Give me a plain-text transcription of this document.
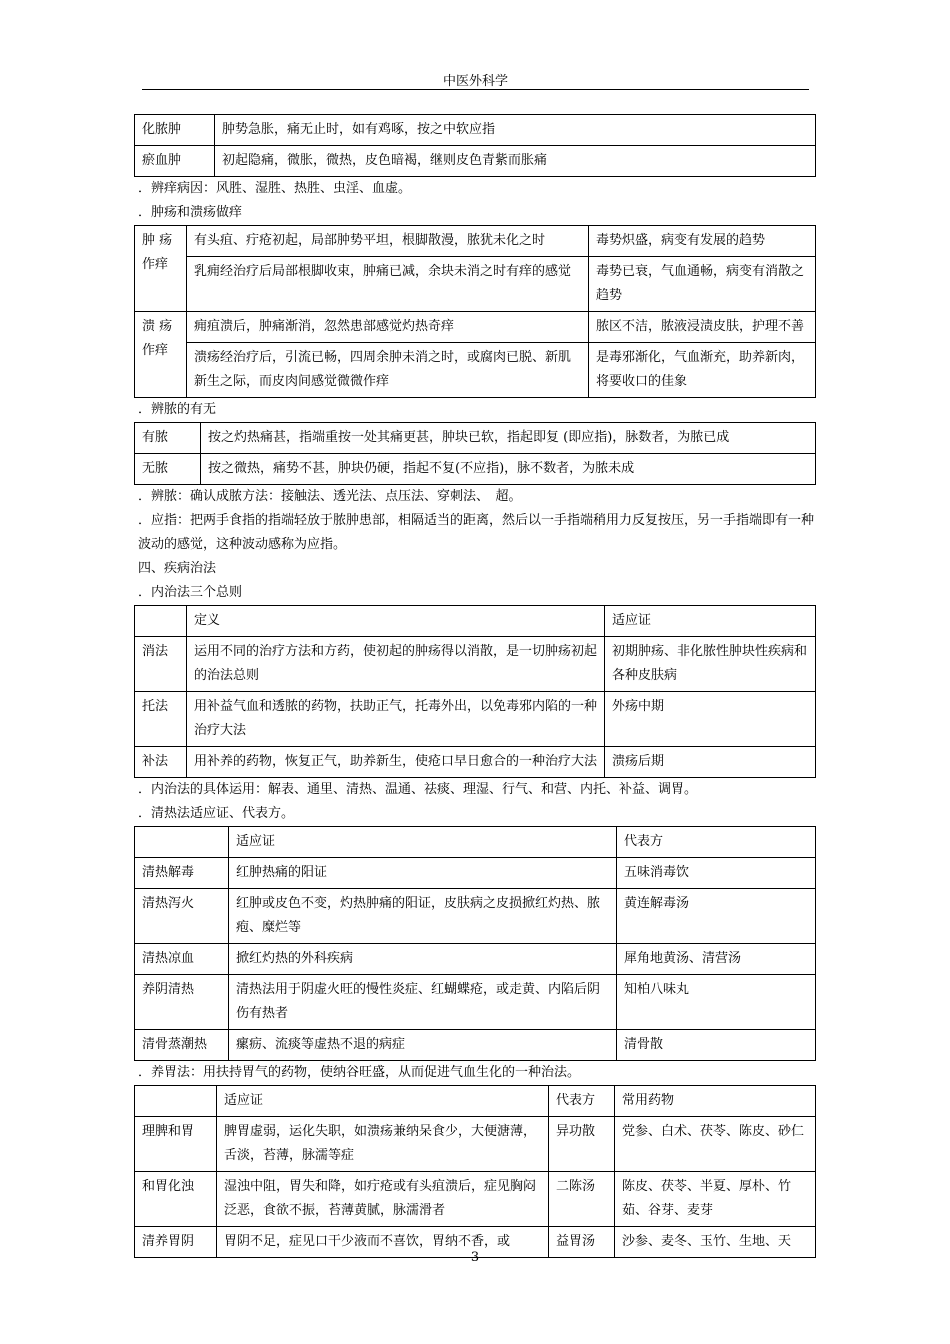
中医外科学
化脓肿	肿势急胀，痛无止时，如有鸡啄，按之中软应指
瘀血肿	初起隐痛，微胀，微热，皮色暗褐，继则皮色青紫而胀痛
．辨痒病因：风胜、湿胜、热胜、虫淫、血虚。
．肿疡和溃疡做痒
肿 疡作痒	有头疽、疔疮初起，局部肿势平坦，根脚散漫，脓犹未化之时	毒势炽盛，病变有发展的趋势
	乳痈经治疗后局部根脚收束，肿痛已减，余块未消之时有痒的感觉	毒势已衰，气血通畅，病变有消散之趋势
溃 疡作痒	痈疽溃后，肿痛渐消，忽然患部感觉灼热奇痒	脓区不洁，脓液浸渍皮肤，护理不善
	溃疡经治疗后，引流已畅，四周余肿未消之时，或腐肉已脱、新肌新生之际，而皮肉间感觉微微作痒	是毒邪渐化，气血渐充，助养新肉，将要收口的佳象
．辨脓的有无
有脓	按之灼热痛甚，指端重按一处其痛更甚，肿块已软，指起即复 (即应指)，脉数者，为脓已成
无脓	按之微热，痛势不甚，肿块仍硬，指起不复(不应指)，脉不数者，为脓未成
．辨脓：确认成脓方法：接触法、透光法、点压法、穿刺法、　超。
．应指：把两手食指的指端轻放于脓肿患部，相隔适当的距离，然后以一手指端稍用力反复按压，另一手指端即有一种波动的感觉，这种波动感称为应指。
四、疾病治法
．内治法三个总则
	定义	适应证
消法	运用不同的治疗方法和方药，使初起的肿疡得以消散，是一切肿疡初起的治法总则	初期肿疡、非化脓性肿块性疾病和各种皮肤病
托法	用补益气血和透脓的药物，扶助正气，托毒外出，以免毒邪内陷的一种治疗大法	外疡中期
补法	用补养的药物，恢复正气，助养新生，使疮口早日愈合的一种治疗大法	溃疡后期
．内治法的具体运用：解表、通里、清热、温通、祛痰、理湿、行气、和营、内托、补益、调胃。
．清热法适应证、代表方。
	适应证	代表方
清热解毒	红肿热痛的阳证	五味消毒饮
清热泻火	红肿或皮色不变，灼热肿痛的阳证，皮肤病之皮损掀红灼热、脓疱、糜烂等	黄连解毒汤
清热凉血	掀红灼热的外科疾病	犀角地黄汤、清营汤
养阴清热	清热法用于阴虚火旺的慢性炎症、红蝴蝶疮，或走黄、内陷后阴伤有热者	知柏八味丸
清骨蒸潮热	瘰疬、流痰等虚热不退的病症	清骨散
．养胃法：用扶持胃气的药物，使纳谷旺盛，从而促进气血生化的一种治法。
	适应证	代表方	常用药物
理脾和胃	脾胃虚弱，运化失职，如溃疡兼纳呆食少，大便溏薄，舌淡，苔薄，脉濡等症	异功散	党参、白术、茯苓、陈皮、砂仁
和胃化浊	湿浊中阻，胃失和降，如疔疮或有头疽溃后，症见胸闷泛恶，食欲不振，苔薄黄腻，脉濡滑者	二陈汤	陈皮、茯苓、半夏、厚朴、竹茹、谷芽、麦芽
清养胃阴	胃阴不足，症见口干少液而不喜饮，胃纳不香，或	益胃汤	沙参、麦冬、玉竹、生地、天
- 3 -
